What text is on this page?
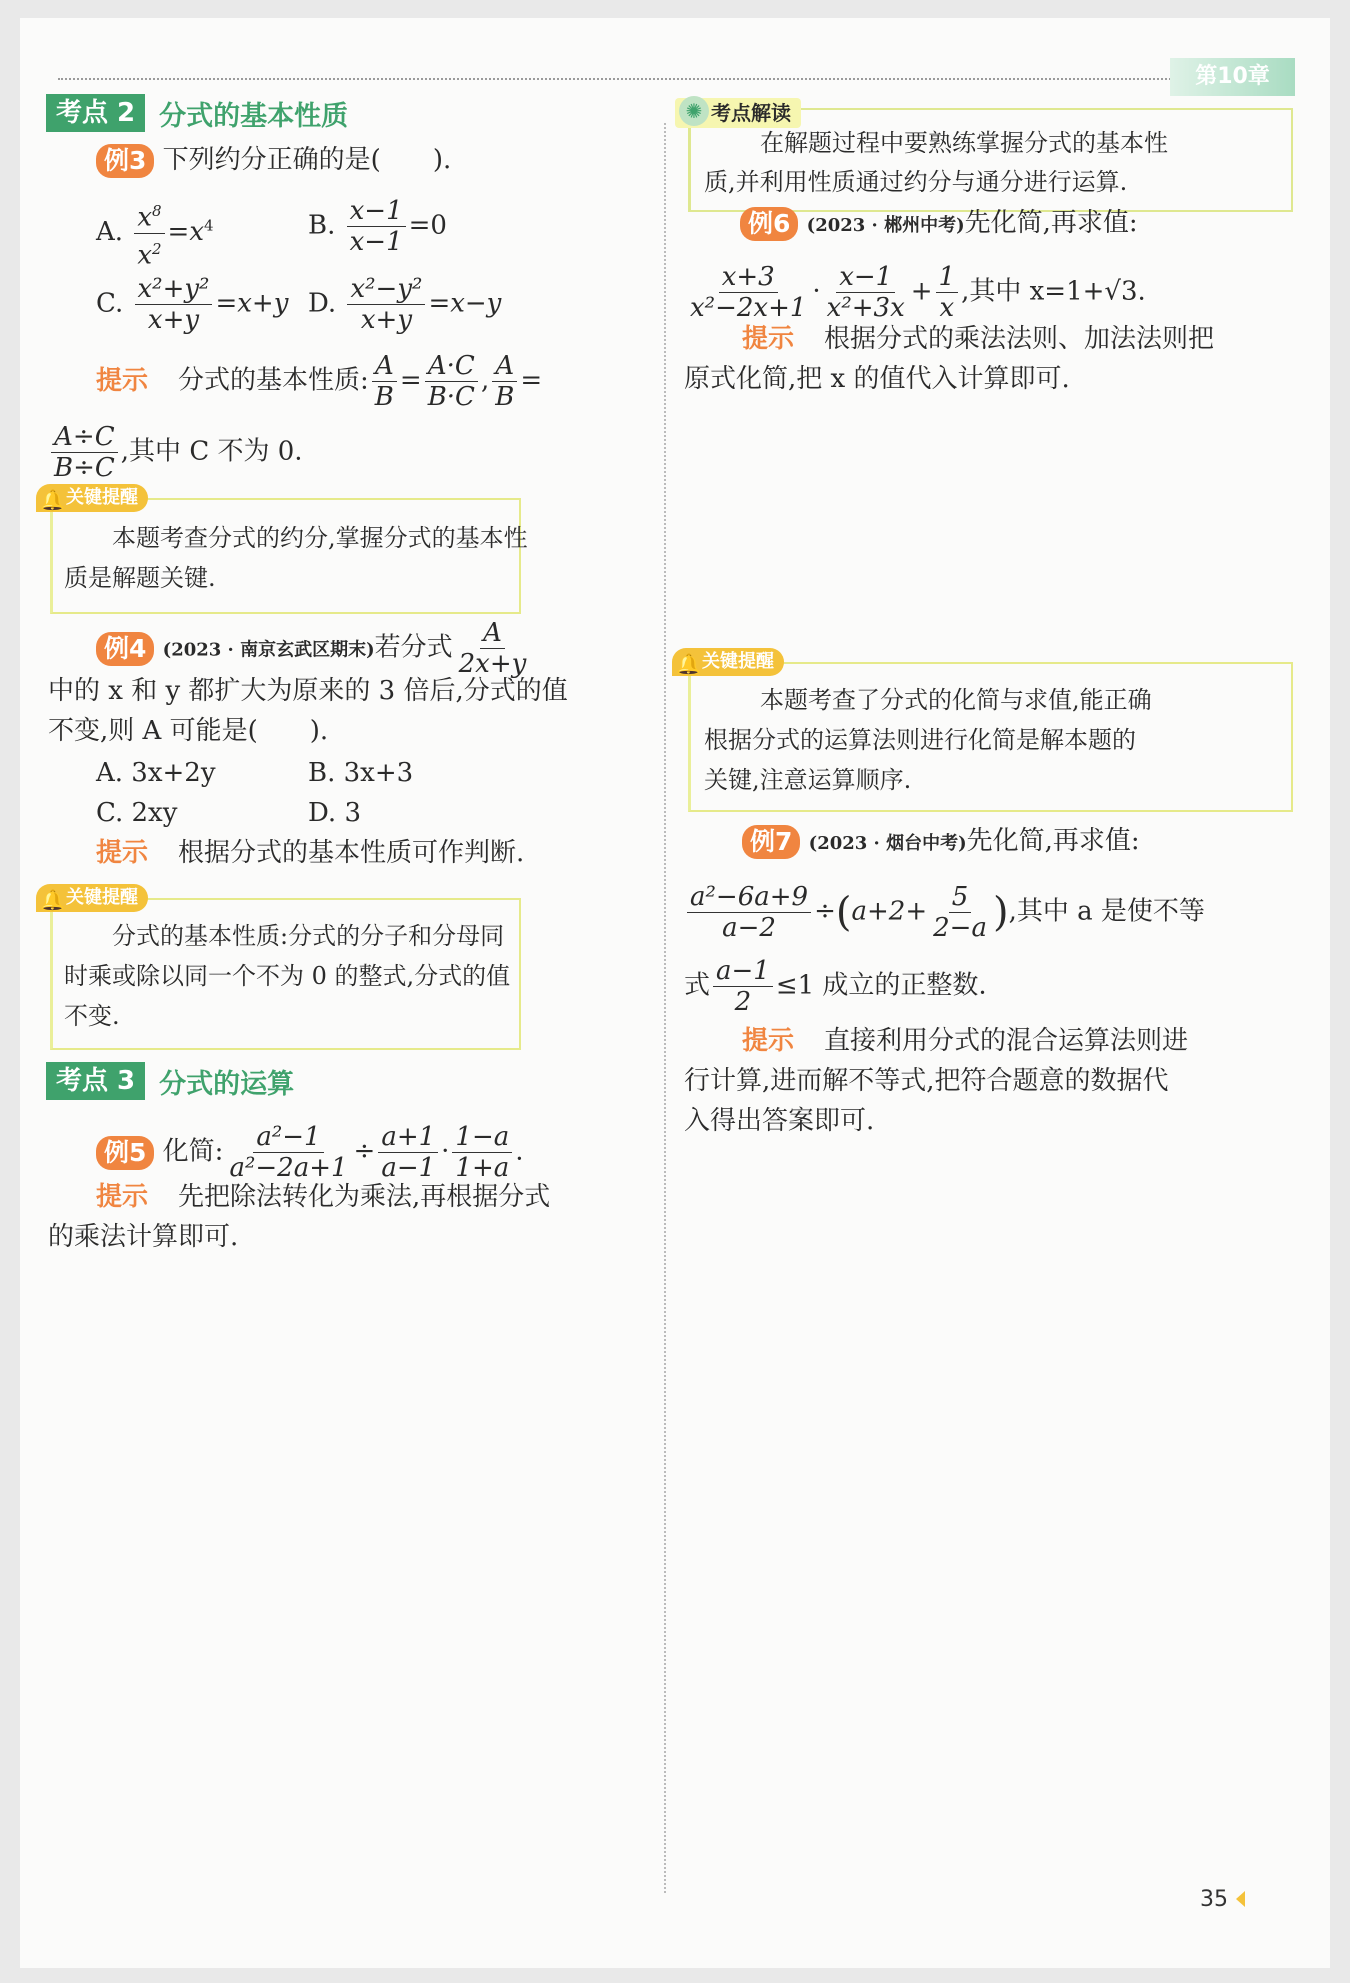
第10章
考点 2 分式的基本性质
例3 下列约分正确的是(　　).
A. $\frac{x^8}{x^2} =x^4$	B. $\frac{x-1}{x-1} =0$
C. $\frac{\text{x²+y²}}{x+y} =x+y$ D. $\frac{\text{x²−y²}}{x+y} =x-y$
提示 分式的基本性质: $\frac{A}{B} = \frac{A\cdot C}{B\cdot C}$ , $\frac{A}{B}$ =
$\frac{A\div C}{B\div C}$ ,其中 C 不为 0.
🔔 关键提醒
本题考查分式的约分,掌握分式的基本性
质是解题关键.
例4 (2023 · 南京玄武区期末)若分式 $\frac{A}{2x+y}$
中的 x 和 y 都扩大为原来的 3 倍后,分式的值
不变,则 A 可能是(　　).
A. 3x+2y	B. 3x+3
C. 2xy	D. 3
提示 根据分式的基本性质可作判断.
🔔 关键提醒
分式的基本性质:分式的分子和分母同
时乘或除以同一个不为 0 的整式,分式的值
不变.
考点 3 分式的运算
例5 化简: $\frac{\text{a²−1}}{\text{a²−2a+1}} \div \frac{a+1}{a-1} \cdot \frac{1-a}{1+a}$ .
提示 先把除法转化为乘法,再根据分式
的乘法计算即可.
✺ 考点解读
在解题过程中要熟练掌握分式的基本性
质,并利用性质通过约分与通分进行运算.
例6 (2023 · 郴州中考)先化简,再求值:
$\frac{x+3}{\text{x²−2x+1}} \cdot \frac{x-1}{\text{x²+3x}} + \frac{1}{x}$ ,其中 x=1+√3.
提示 根据分式的乘法法则、加法法则把
原式化简,把 x 的值代入计算即可.
🔔 关键提醒
本题考查了分式的化简与求值,能正确
根据分式的运算法则进行化简是解本题的
关键,注意运算顺序.
例7 (2023 · 烟台中考)先化简,再求值:
$\frac{\text{a²−6a+9}}{a-2} \div(a+2+ \frac{5}{2-a}$ ),其中 a 是使不等
式 $\frac{a-1}{2} \le 1$ 成立的正整数.
提示 直接利用分式的混合运算法则进
行计算,进而解不等式,把符合题意的数据代
入得出答案即可.
35
